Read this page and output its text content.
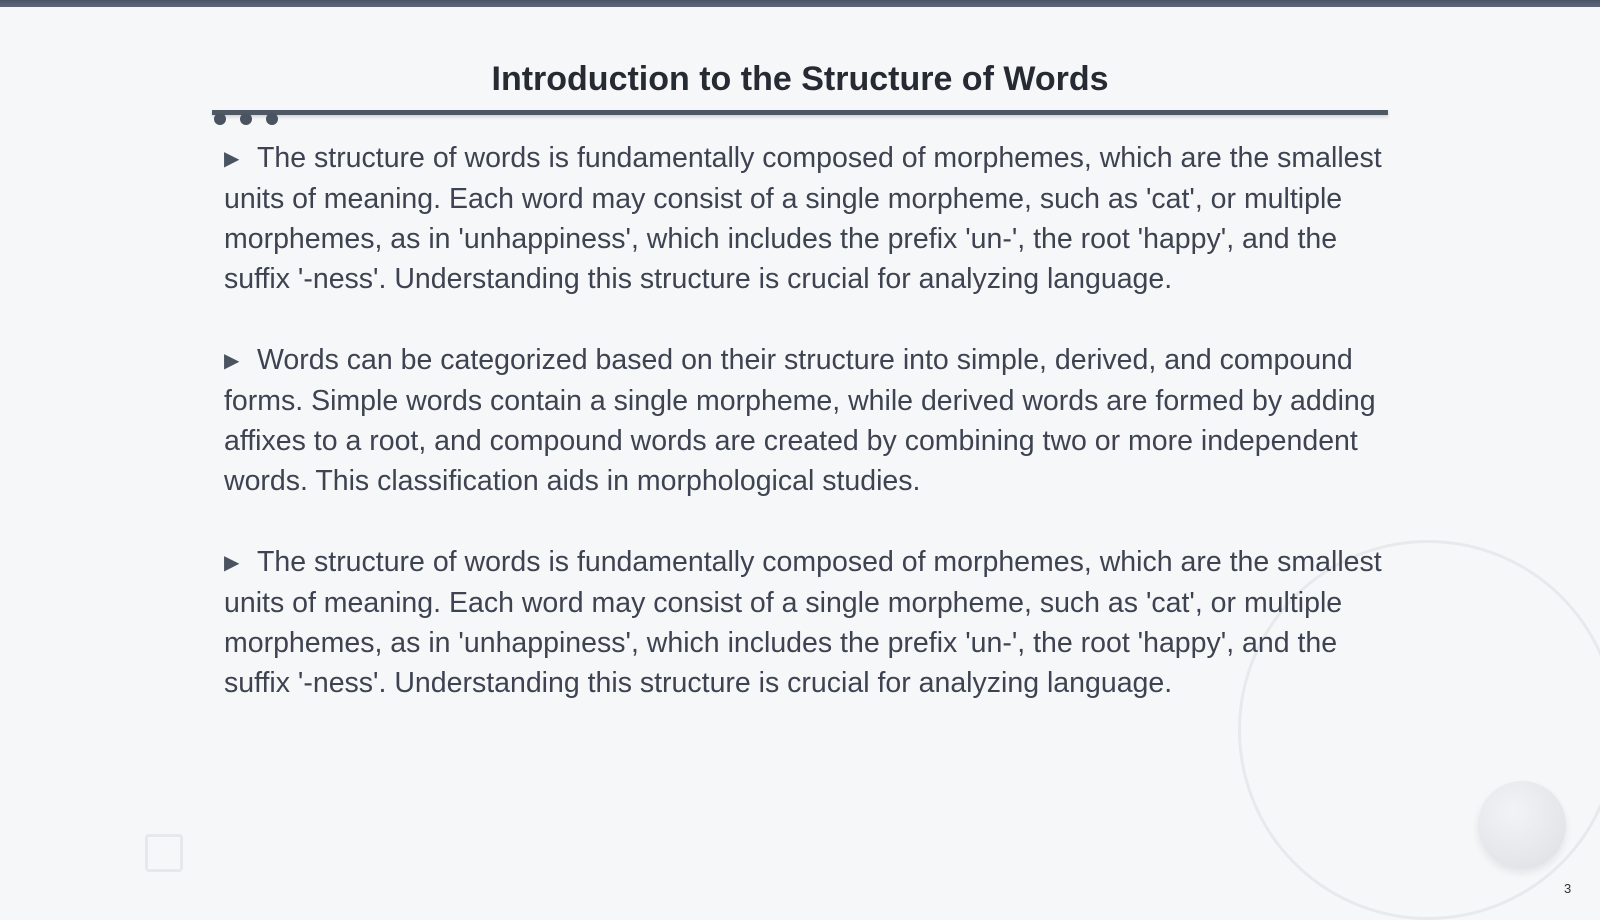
Introduction to the Structure of Words

▶ The structure of words is fundamentally composed of morphemes, which are the smallest units of meaning. Each word may consist of a single morpheme, such as 'cat', or multiple morphemes, as in 'unhappiness', which includes the prefix 'un-', the root 'happy', and the suffix '-ness'. Understanding this structure is crucial for analyzing language.

▶ Words can be categorized based on their structure into simple, derived, and compound forms. Simple words contain a single morpheme, while derived words are formed by adding affixes to a root, and compound words are created by combining two or more independent words. This classification aids in morphological studies.

▶ The structure of words is fundamentally composed of morphemes, which are the smallest units of meaning. Each word may consist of a single morpheme, such as 'cat', or multiple morphemes, as in 'unhappiness', which includes the prefix 'un-', the root 'happy', and the suffix '-ness'. Understanding this structure is crucial for analyzing language.

3
